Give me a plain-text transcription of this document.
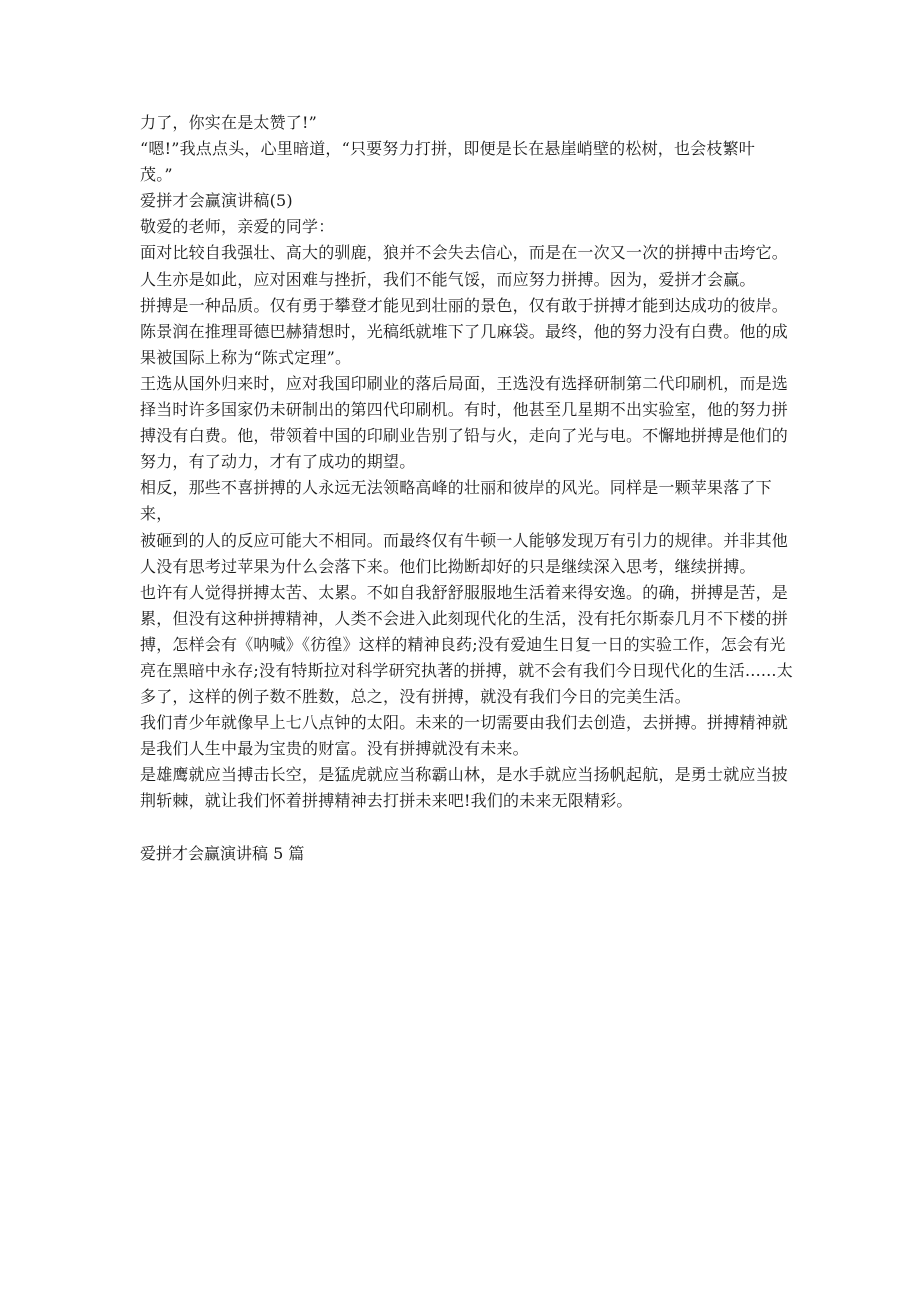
力了，你实在是太赞了!”

“嗯!”我点点头，心里暗道，“只要努力打拼，即便是长在悬崖峭壁的松树，也会枝繁叶

茂。”

爱拼才会赢演讲稿(5)

敬爱的老师，亲爱的同学：

面对比较自我强壮、高大的驯鹿，狼并不会失去信心，而是在一次又一次的拼搏中击垮它。

人生亦是如此，应对困难与挫折，我们不能气馁，而应努力拼搏。因为，爱拼才会赢。

拼搏是一种品质。仅有勇于攀登才能见到壮丽的景色，仅有敢于拼搏才能到达成功的彼岸。

陈景润在推理哥德巴赫猜想时，光稿纸就堆下了几麻袋。最终，他的努力没有白费。他的成

果被国际上称为“陈式定理”。

王选从国外归来时，应对我国印刷业的落后局面，王选没有选择研制第二代印刷机，而是选

择当时许多国家仍未研制出的第四代印刷机。有时，他甚至几星期不出实验室，他的努力拼

搏没有白费。他，带领着中国的印刷业告别了铅与火，走向了光与电。不懈地拼搏是他们的

努力，有了动力，才有了成功的期望。

相反，那些不喜拼搏的人永远无法领略高峰的壮丽和彼岸的风光。同样是一颗苹果落了下来，

被砸到的人的反应可能大不相同。而最终仅有牛顿一人能够发现万有引力的规律。并非其他

人没有思考过苹果为什么会落下来。他们比拗断却好的只是继续深入思考，继续拼搏。

也许有人觉得拼搏太苦、太累。不如自我舒舒服服地生活着来得安逸。的确，拼搏是苦，是

累，但没有这种拼搏精神，人类不会进入此刻现代化的生活，没有托尔斯泰几月不下楼的拼

搏，怎样会有《呐喊》《彷徨》这样的精神良药;没有爱迪生日复一日的实验工作，怎会有光

亮在黑暗中永存;没有特斯拉对科学研究执著的拼搏，就不会有我们今日现代化的生活......太

多了，这样的例子数不胜数，总之，没有拼搏，就没有我们今日的完美生活。

我们青少年就像早上七八点钟的太阳。未来的一切需要由我们去创造，去拼搏。拼搏精神就

是我们人生中最为宝贵的财富。没有拼搏就没有未来。

是雄鹰就应当搏击长空，是猛虎就应当称霸山林，是水手就应当扬帆起航，是勇士就应当披

荆斩棘，就让我们怀着拼搏精神去打拼未来吧!我们的未来无限精彩。

爱拼才会赢演讲稿 5 篇
